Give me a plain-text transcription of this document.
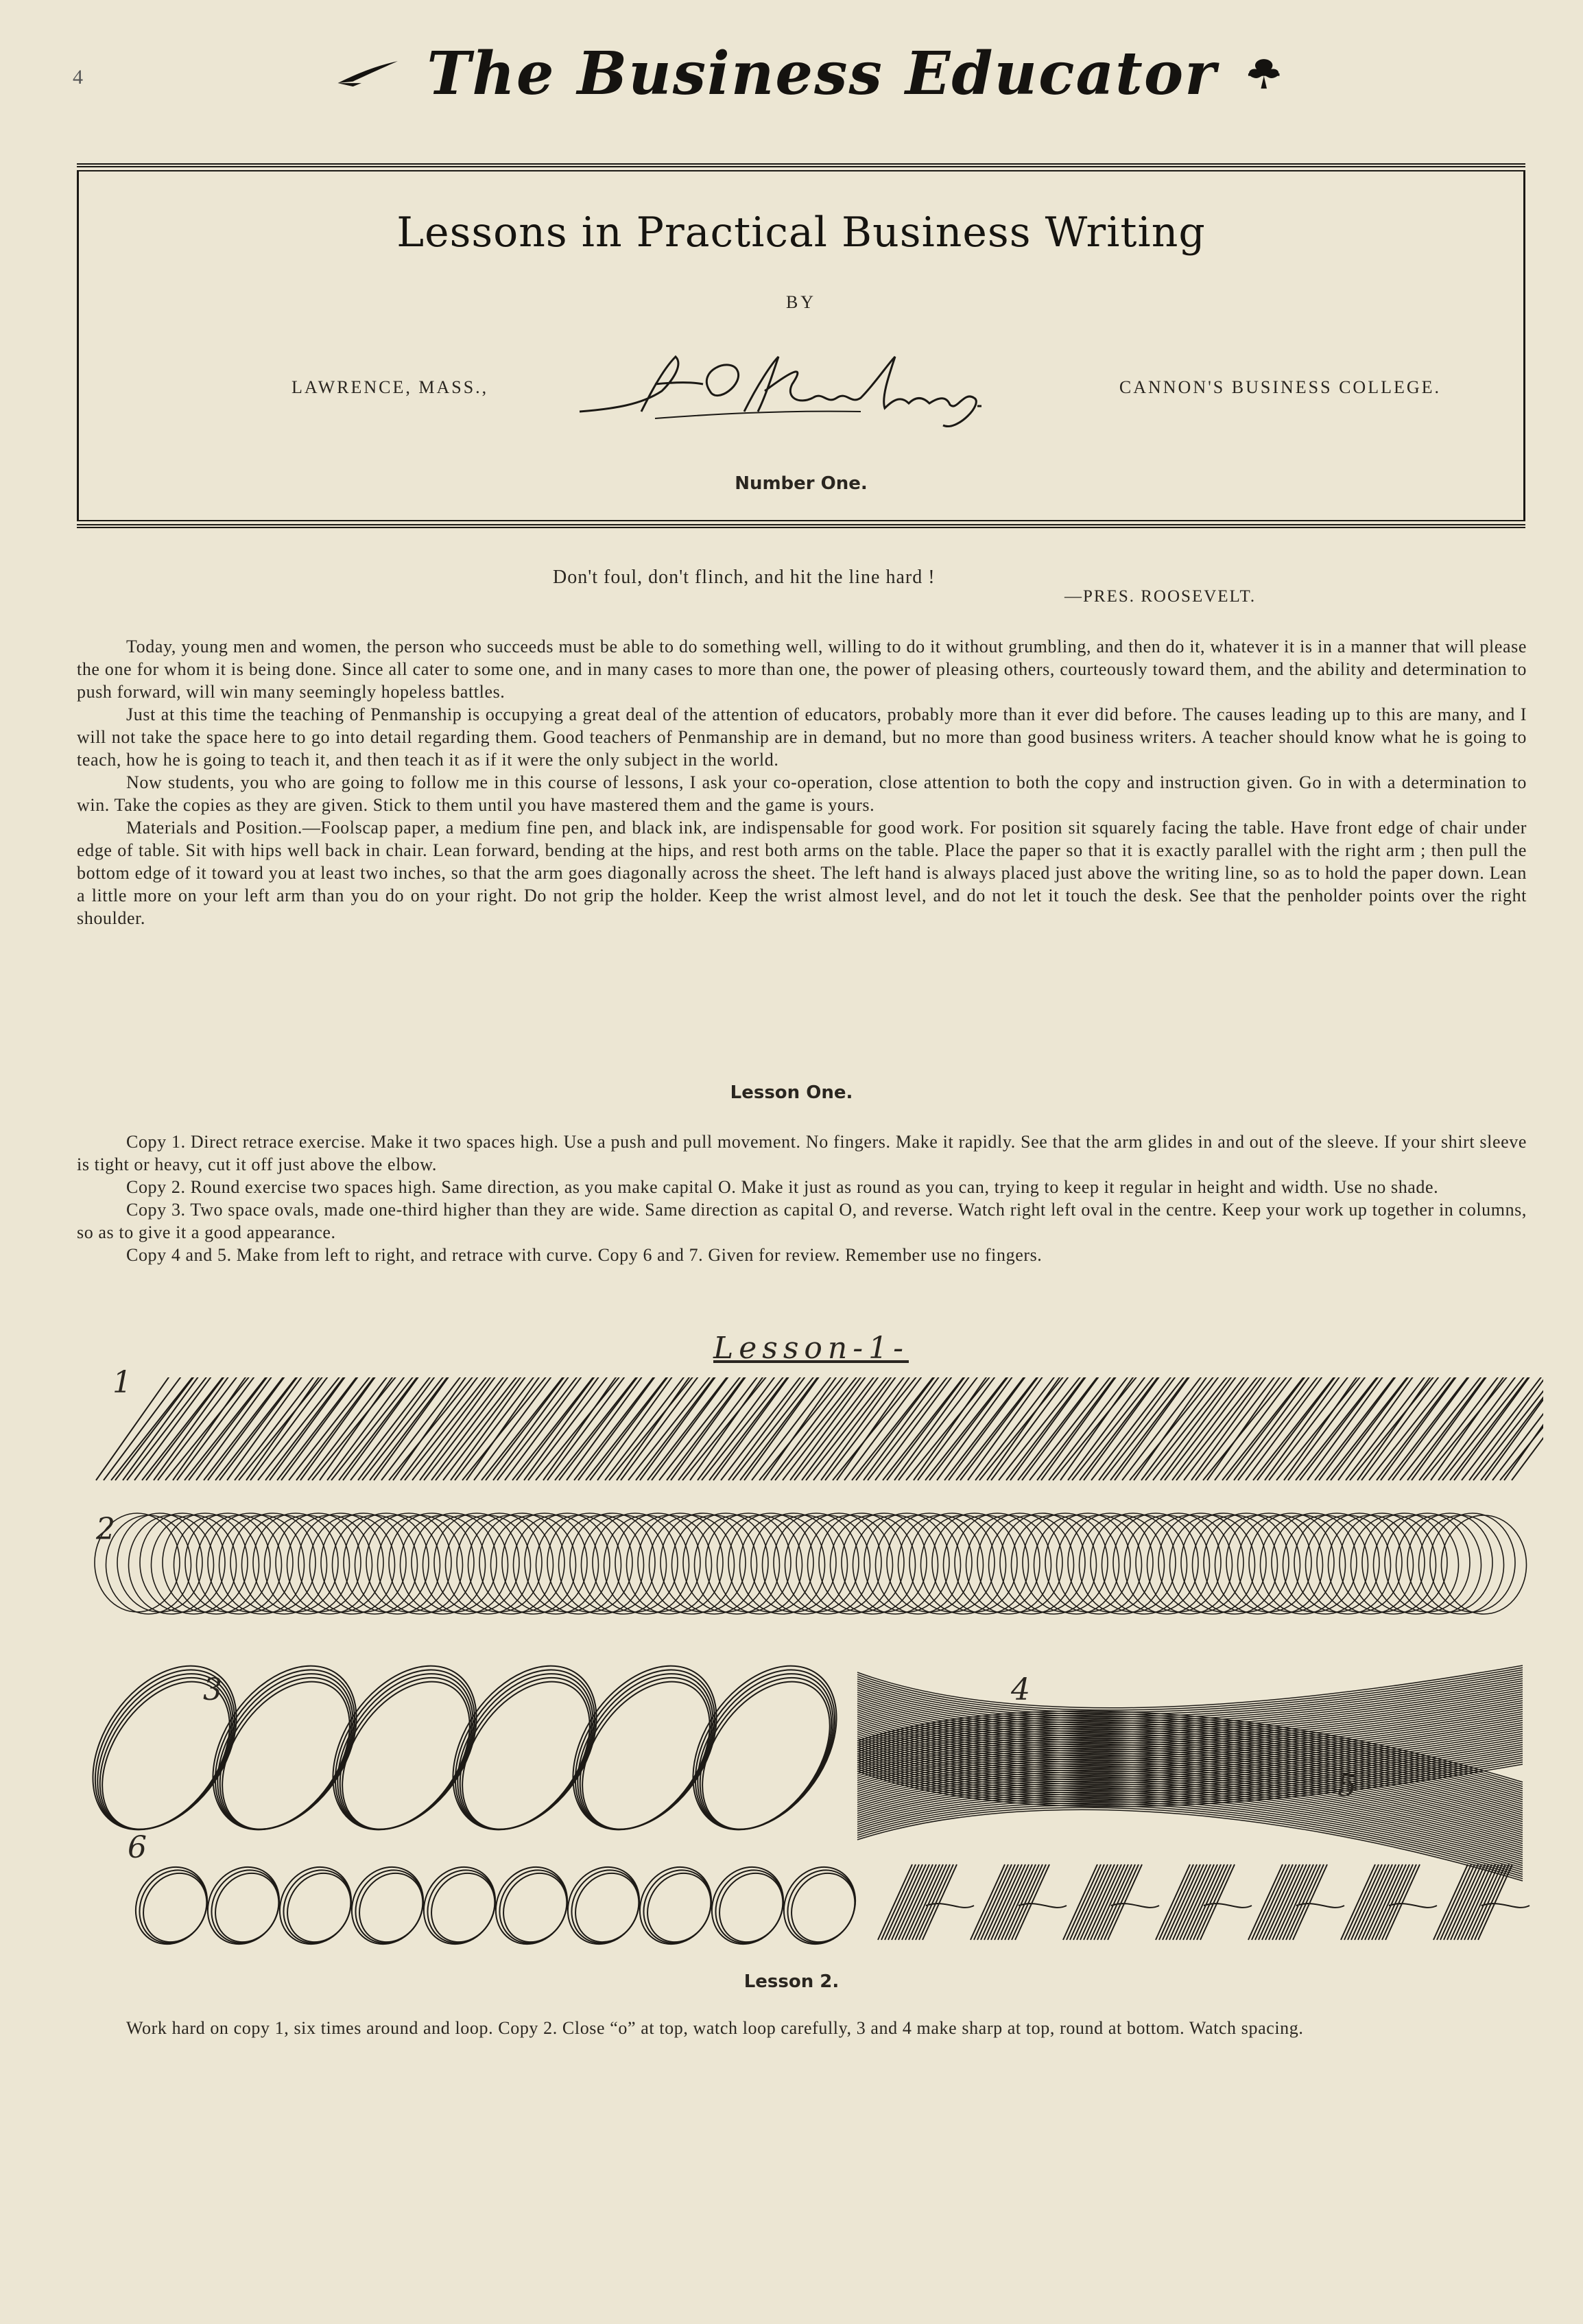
4	The Business Educator
Lessons in Practical Business Writing
BY
LAWRENCE, MASS.,	CANNON'S BUSINESS COLLEGE.
Number One.
Don't foul, don't flinch, and hit the line hard !
—PRES. ROOSEVELT.

Today, young men and women, the person who succeeds must be able to do something well, willing to do it without grumbling, and then do it, whatever it is in a manner that will please the one for whom it is being done. Since all cater to some one, and in many cases to more than one, the power of pleasing others, courteously toward them, and the ability and determination to push forward, will win many seemingly hopeless battles.

Just at this time the teaching of Penmanship is occupying a great deal of the attention of educators, probably more than it ever did before. The causes leading up to this are many, and I will not take the space here to go into detail regarding them. Good teachers of Penmanship are in demand, but no more than good business writers. A teacher should know what he is going to teach, how he is going to teach it, and then teach it as if it were the only subject in the world.

Now students, you who are going to follow me in this course of lessons, I ask your co-operation, close attention to both the copy and instruction given. Go in with a determination to win. Take the copies as they are given. Stick to them until you have mastered them and the game is yours.

Materials and Position.—Foolscap paper, a medium fine pen, and black ink, are indispensable for good work. For position sit squarely facing the table. Have front edge of chair under edge of table. Sit with hips well back in chair. Lean forward, bending at the hips, and rest both arms on the table. Place the paper so that it is exactly parallel with the right arm ; then pull the bottom edge of it toward you at least two inches, so that the arm goes diagonally across the sheet. The left hand is always placed just above the writing line, so as to hold the paper down. Lean a little more on your left arm than you do on your right. Do not grip the holder. Keep the wrist almost level, and do not let it touch the desk. See that the penholder points over the right shoulder.

Lesson One.

Copy 1. Direct retrace exercise. Make it two spaces high. Use a push and pull movement. No fingers. Make it rapidly. See that the arm glides in and out of the sleeve. If your shirt sleeve is tight or heavy, cut it off just above the elbow.

Copy 2. Round exercise two spaces high. Same direction, as you make capital O. Make it just as round as you can, trying to keep it regular in height and width. Use no shade.

Copy 3. Two space ovals, made one-third higher than they are wide. Same direction as capital O, and reverse. Watch right left oval in the centre. Keep your work up together in columns, so as to give it a good appearance.

Copy 4 and 5. Make from left to right, and retrace with curve. Copy 6 and 7. Given for review. Remember use no fingers.

Lesson-1-
1
2
3	4
5
6
Lesson 2.

Work hard on copy 1, six times around and loop. Copy 2. Close “o” at top, watch loop carefully, 3 and 4 make sharp at top, round at bottom. Watch spacing.
